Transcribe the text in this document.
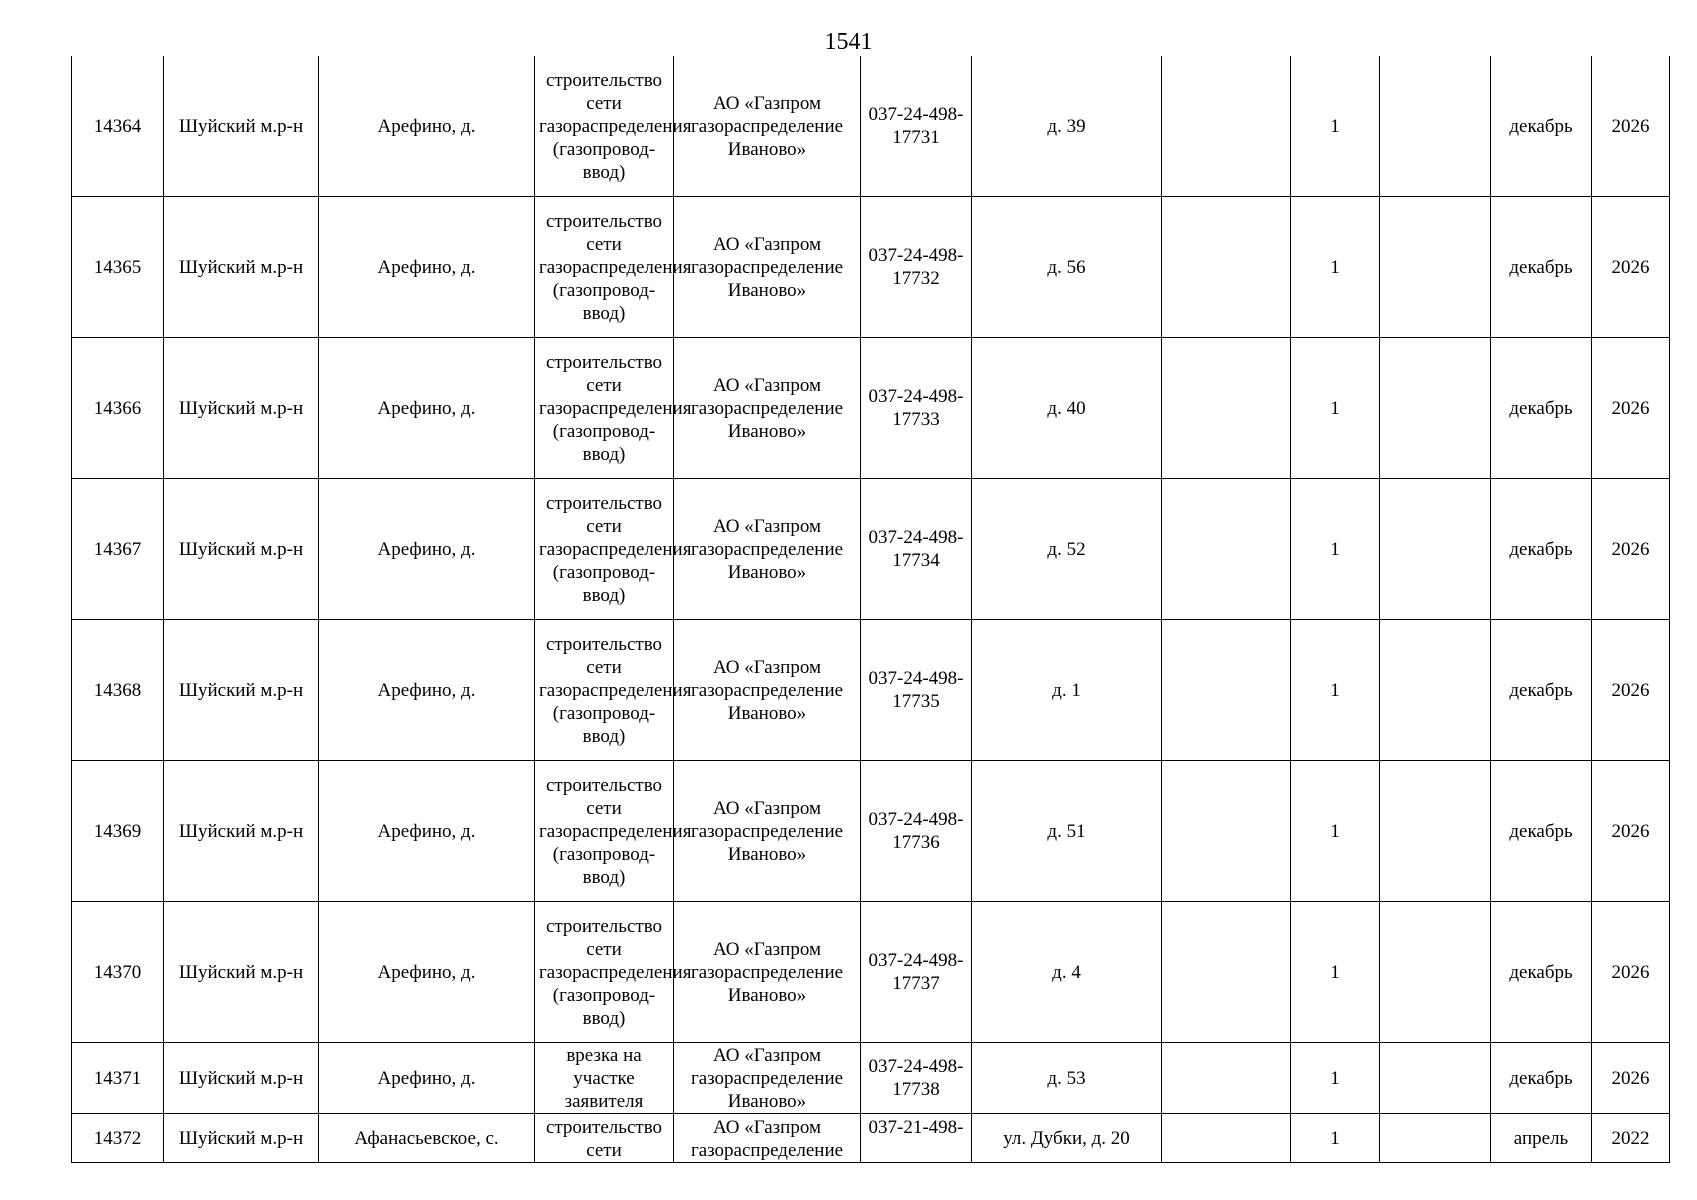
1541
14364	Шуйский м.р-н	Арефино, д.	строительство сети газораспределения (газопровод-ввод)	АО «Газпром газораспределение Иваново»	037-24-498-17731	д. 39		1		декабрь	2026
14365	Шуйский м.р-н	Арефино, д.	строительство сети газораспределения (газопровод-ввод)	АО «Газпром газораспределение Иваново»	037-24-498-17732	д. 56		1		декабрь	2026
14366	Шуйский м.р-н	Арефино, д.	строительство сети газораспределения (газопровод-ввод)	АО «Газпром газораспределение Иваново»	037-24-498-17733	д. 40		1		декабрь	2026
14367	Шуйский м.р-н	Арефино, д.	строительство сети газораспределения (газопровод-ввод)	АО «Газпром газораспределение Иваново»	037-24-498-17734	д. 52		1		декабрь	2026
14368	Шуйский м.р-н	Арефино, д.	строительство сети газораспределения (газопровод-ввод)	АО «Газпром газораспределение Иваново»	037-24-498-17735	д. 1		1		декабрь	2026
14369	Шуйский м.р-н	Арефино, д.	строительство сети газораспределения (газопровод-ввод)	АО «Газпром газораспределение Иваново»	037-24-498-17736	д. 51		1		декабрь	2026
14370	Шуйский м.р-н	Арефино, д.	строительство сети газораспределения (газопровод-ввод)	АО «Газпром газораспределение Иваново»	037-24-498-17737	д. 4		1		декабрь	2026
14371	Шуйский м.р-н	Арефино, д.	врезка на участке заявителя	АО «Газпром газораспределение Иваново»	037-24-498-17738	д. 53		1		декабрь	2026
14372	Шуйский м.р-н	Афанасьевское, с.	строительство сети	АО «Газпром газораспределение	037-21-498-	ул. Дубки, д. 20		1		апрель	2022
